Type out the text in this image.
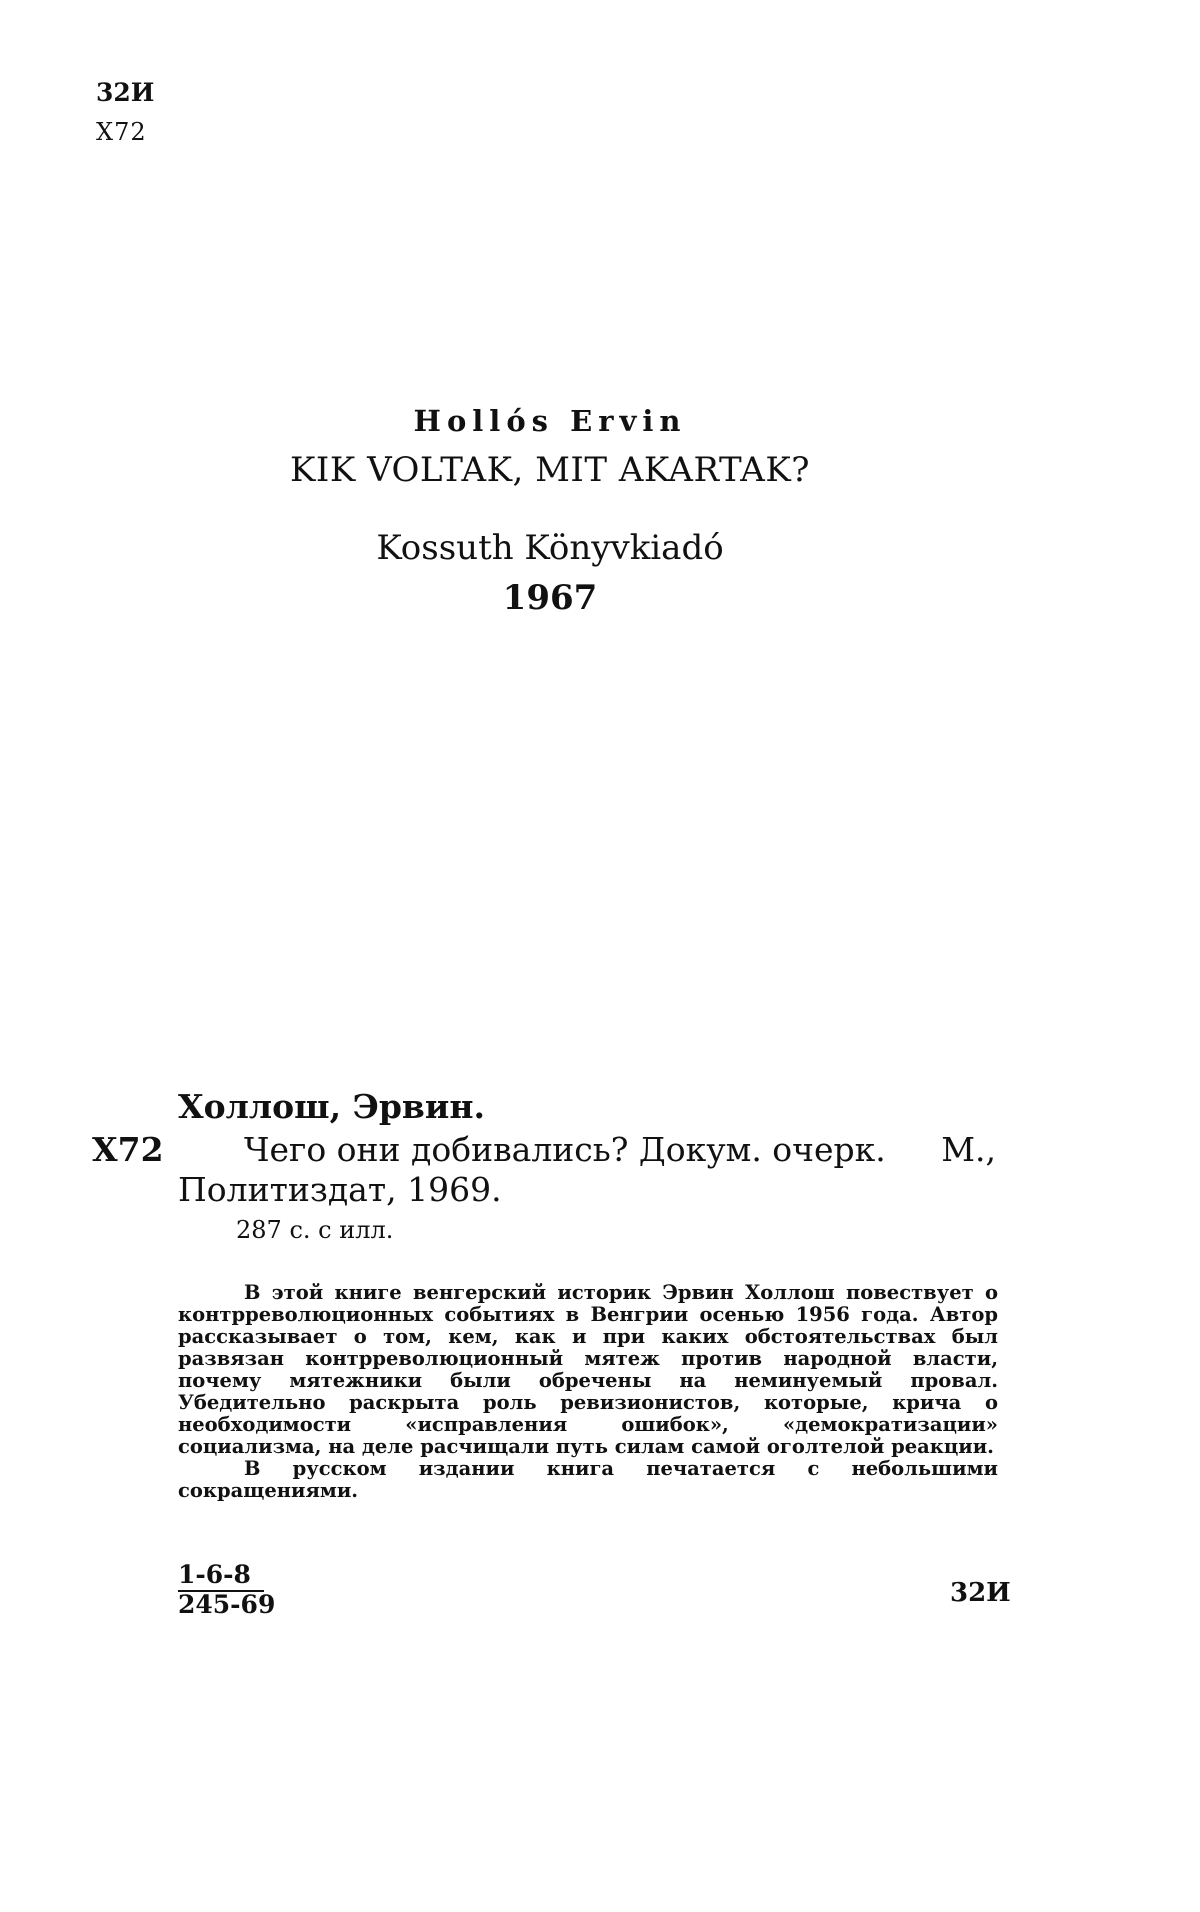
32И
X72
Hollós Ervin
KIK VOLTAK, MIT AKARTAK?
Kossuth Könyvkiadó
1967
Холлош, Эрвин.
X72 Чего они добивались? Докум. очерк. М.,
Политиздат, 1969.
287 с. с илл.

В этой книге венгерский историк Эрвин Холлош повествует о контрреволюционных событиях в Венгрии осенью 1956 года. Автор рассказывает о том, кем, как и при каких обстоятельствах был развязан контрреволюционный мятеж против народной власти, почему мятежники были обречены на неминуемый провал. Убедительно раскрыта роль ревизионистов, которые, крича о необходимости «исправления ошибок», «демократизации» социализма, на деле расчищали путь силам самой оголтелой реакции.

В русском издании книга печатается с небольшими сокращениями.

1-6-8
245-69	32И
